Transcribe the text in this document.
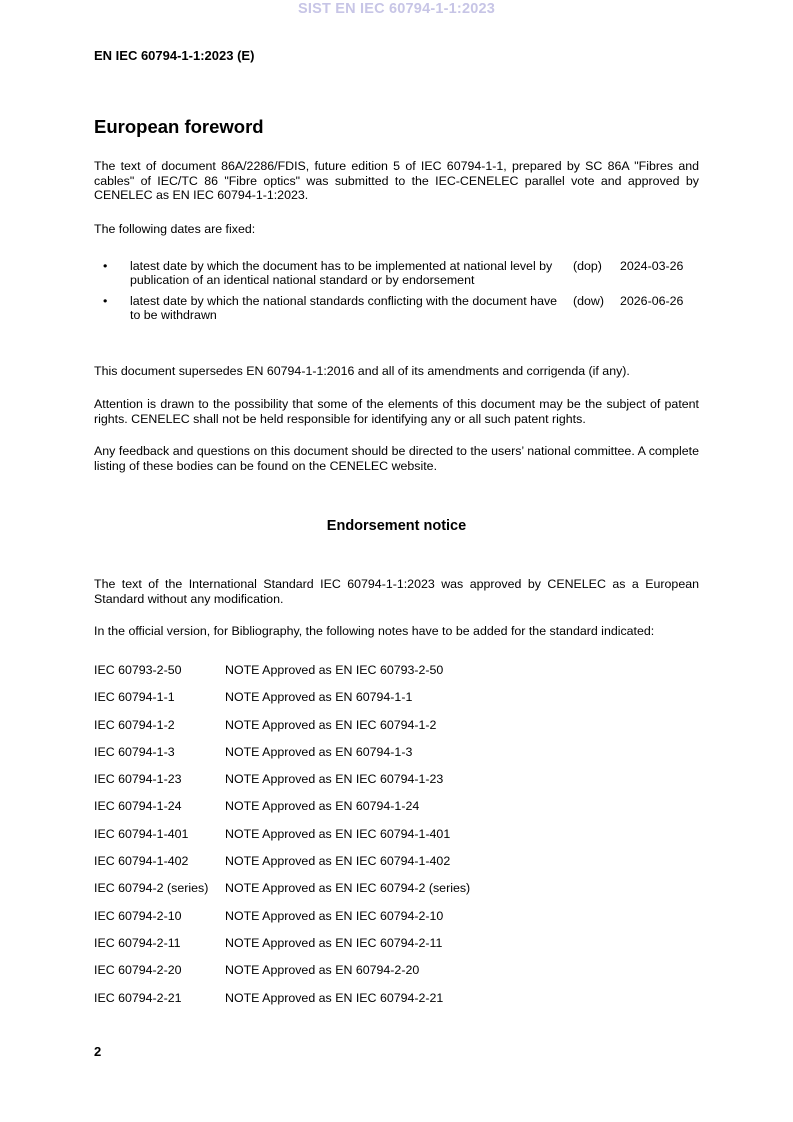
SIST EN IEC 60794-1-1:2023
EN IEC 60794-1-1:2023 (E)
European foreword
The text of document 86A/2286/FDIS, future edition 5 of IEC 60794-1-1, prepared by SC 86A "Fibres and cables" of IEC/TC 86 "Fibre optics" was submitted to the IEC-CENELEC parallel vote and approved by CENELEC as EN IEC 60794-1-1:2023.
The following dates are fixed:
• latest date by which the document has to be implemented at national level by publication of an identical national standard or by endorsement
(dop) 2024-03-26
• latest date by which the national standards conflicting with the document have to be withdrawn
(dow) 2026-06-26
This document supersedes EN 60794-1-1:2016 and all of its amendments and corrigenda (if any).
Attention is drawn to the possibility that some of the elements of this document may be the subject of patent rights. CENELEC shall not be held responsible for identifying any or all such patent rights.
Any feedback and questions on this document should be directed to the users’ national committee. A complete listing of these bodies can be found on the CENELEC website.
Endorsement notice
The text of the International Standard IEC 60794-1-1:2023 was approved by CENELEC as a European Standard without any modification.
In the official version, for Bibliography, the following notes have to be added for the standard indicated:
IEC 60793-2-50	NOTE Approved as EN IEC 60793-2-50
IEC 60794-1-1	NOTE Approved as EN 60794-1-1
IEC 60794-1-2	NOTE Approved as EN IEC 60794-1-2
IEC 60794-1-3	NOTE Approved as EN 60794-1-3
IEC 60794-1-23	NOTE Approved as EN IEC 60794-1-23
IEC 60794-1-24	NOTE Approved as EN 60794-1-24
IEC 60794-1-401	NOTE Approved as EN IEC 60794-1-401
IEC 60794-1-402	NOTE Approved as EN IEC 60794-1-402
IEC 60794-2 (series) NOTE Approved as EN IEC 60794-2 (series)
IEC 60794-2-10	NOTE Approved as EN IEC 60794-2-10
IEC 60794-2-11	NOTE Approved as EN IEC 60794-2-11
IEC 60794-2-20	NOTE Approved as EN 60794-2-20
IEC 60794-2-21	NOTE Approved as EN IEC 60794-2-21
2
